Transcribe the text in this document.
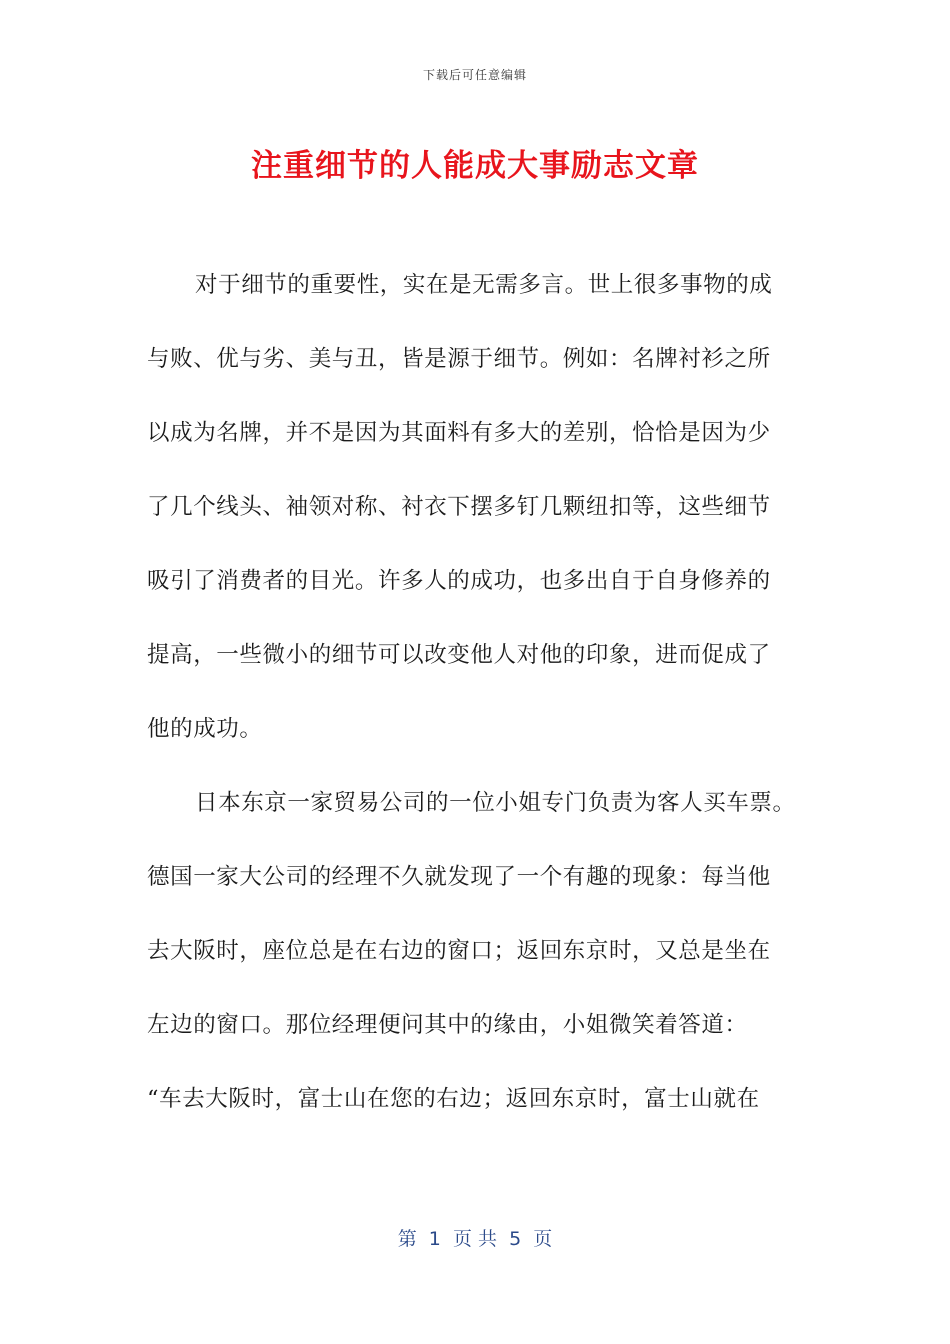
下载后可任意编辑
注重细节的人能成大事励志文章
对于细节的重要性，实在是无需多言。世上很多事物的成
与败、优与劣、美与丑，皆是源于细节。例如：名牌衬衫之所
以成为名牌，并不是因为其面料有多大的差别，恰恰是因为少
了几个线头、袖领对称、衬衣下摆多钉几颗纽扣等，这些细节
吸引了消费者的目光。许多人的成功，也多出自于自身修养的
提高，一些微小的细节可以改变他人对他的印象，进而促成了
他的成功。
日本东京一家贸易公司的一位小姐专门负责为客人买车票。
德国一家大公司的经理不久就发现了一个有趣的现象：每当他
去大阪时，座位总是在右边的窗口；返回东京时，又总是坐在
左边的窗口。那位经理便问其中的缘由，小姐微笑着答道：
“车去大阪时，富士山在您的右边；返回东京时，富士山就在
第  1  页 共  5  页
